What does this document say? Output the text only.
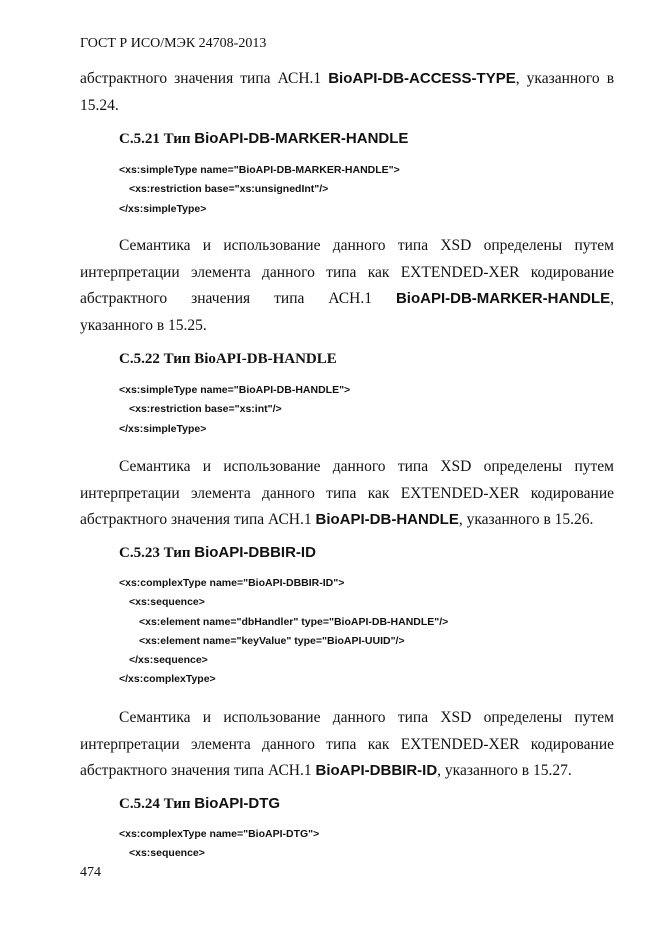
ГОСТ Р ИСО/МЭК 24708-2013
абстрактного значения типа АСН.1 BioAPI-DB-ACCESS-TYPE, указанного в
15.24.
C.5.21 Тип BioAPI-DB-MARKER-HANDLE
<xs:simpleType name="BioAPI-DB-MARKER-HANDLE">
<xs:restriction base="xs:unsignedInt"/>
</xs:simpleType>
Семантика и использование данного типа XSD определены путем
интерпретации элемента данного типа как EXTENDED-XER кодирование
абстрактного значения типа АСН.1 BioAPI-DB-MARKER-HANDLE,
указанного в 15.25.
C.5.22 Тип BioAPI-DB-HANDLE
<xs:simpleType name="BioAPI-DB-HANDLE">
<xs:restriction base="xs:int"/>
</xs:simpleType>
Семантика и использование данного типа XSD определены путем
интерпретации элемента данного типа как EXTENDED-XER кодирование
абстрактного значения типа АСН.1 BioAPI-DB-HANDLE, указанного в 15.26.
C.5.23 Тип BioAPI-DBBIR-ID
<xs:complexType name="BioAPI-DBBIR-ID">
<xs:sequence>
<xs:element name="dbHandler" type="BioAPI-DB-HANDLE"/>
<xs:element name="keyValue" type="BioAPI-UUID"/>
</xs:sequence>
</xs:complexType>
Семантика и использование данного типа XSD определены путем
интерпретации элемента данного типа как EXTENDED-XER кодирование
абстрактного значения типа АСН.1 BioAPI-DBBIR-ID, указанного в 15.27.
C.5.24 Тип BioAPI-DTG
<xs:complexType name="BioAPI-DTG">
<xs:sequence>
474
